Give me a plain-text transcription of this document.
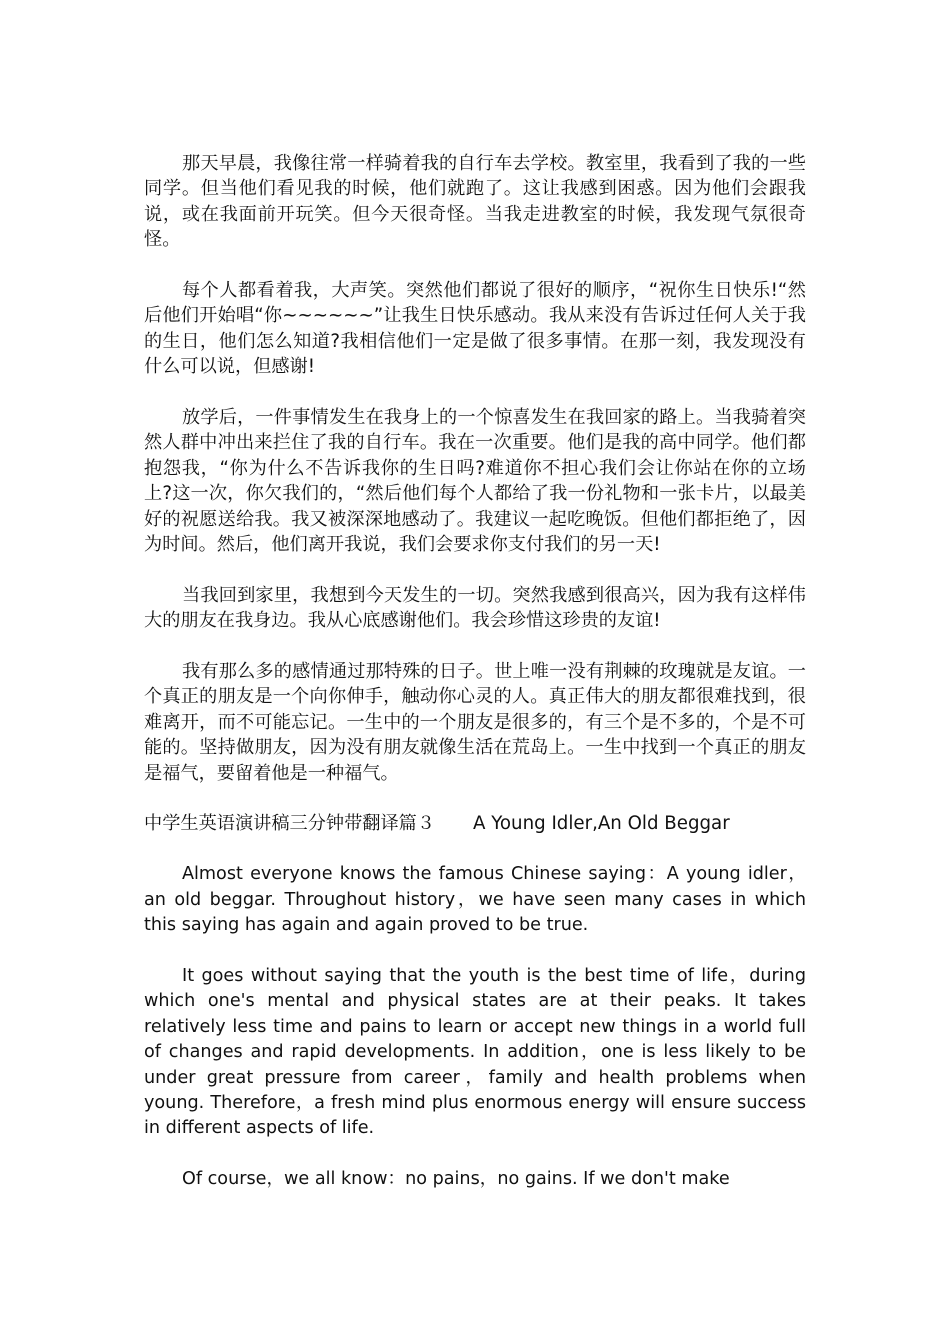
那天早晨，我像往常一样骑着我的自行车去学校。教室里，我看到了我的一些同学。但当他们看见我的时候，他们就跑了。这让我感到困惑。因为他们会跟我说，或在我面前开玩笑。但今天很奇怪。当我走进教室的时候，我发现气氛很奇怪。

每个人都看着我，大声笑。突然他们都说了很好的顺序，“祝你生日快乐!“然后他们开始唱“你~~~~~~”让我生日快乐感动。我从来没有告诉过任何人关于我的生日，他们怎么知道?我相信他们一定是做了很多事情。在那一刻，我发现没有什么可以说，但感谢!

放学后，一件事情发生在我身上的一个惊喜发生在我回家的路上。当我骑着突然人群中冲出来拦住了我的自行车。我在一次重要。他们是我的高中同学。他们都抱怨我，“你为什么不告诉我你的生日吗?难道你不担心我们会让你站在你的立场上?这一次，你欠我们的，“然后他们每个人都给了我一份礼物和一张卡片，以最美好的祝愿送给我。我又被深深地感动了。我建议一起吃晚饭。但他们都拒绝了，因为时间。然后，他们离开我说，我们会要求你支付我们的另一天!

当我回到家里，我想到今天发生的一切。突然我感到很高兴，因为我有这样伟大的朋友在我身边。我从心底感谢他们。我会珍惜这珍贵的友谊!

我有那么多的感情通过那特殊的日子。世上唯一没有荆棘的玫瑰就是友谊。一个真正的朋友是一个向你伸手，触动你心灵的人。真正伟大的朋友都很难找到，很难离开，而不可能忘记。一生中的一个朋友是很多的，有三个是不多的，个是不可能的。坚持做朋友，因为没有朋友就像生活在荒岛上。一生中找到一个真正的朋友是福气，要留着他是一种福气。

中学生英语演讲稿三分钟带翻译篇３ A Young Idler,An Old Beggar

Almost everyone knows the famous Chinese saying：A young idler，an old beggar. Throughout history，we have seen many cases in which this saying has again and again proved to be true.

It goes without saying that the youth is the best time of life，during which one's mental and physical states are at their peaks. It takes relatively less time and pains to learn or accept new things in a world full of changes and rapid developments. In addition，one is less likely to be under great pressure from career，family and health problems when young. Therefore，a fresh mind plus enormous energy will ensure success in different aspects of life.

Of course，we all know：no pains，no gains. If we don't make
